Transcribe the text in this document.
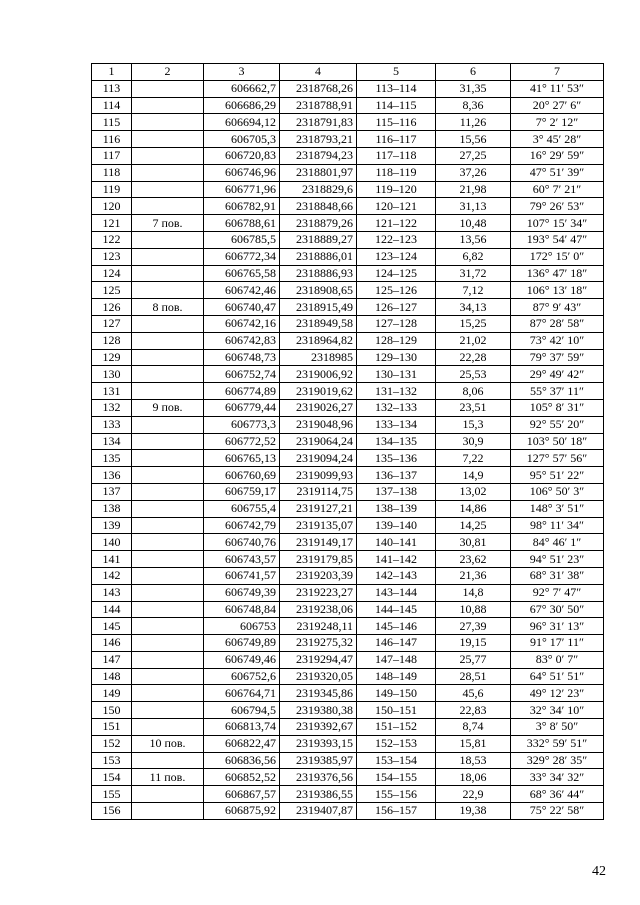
1	2	3	4	5	6	7
113		606662,7	2318768,26	113–114	31,35	41° 11′ 53″
114		606686,29	2318788,91	114–115	8,36	20° 27′ 6″
115		606694,12	2318791,83	115–116	11,26	7° 2′ 12″
116		606705,3	2318793,21	116–117	15,56	3° 45′ 28″
117		606720,83	2318794,23	117–118	27,25	16° 29′ 59″
118		606746,96	2318801,97	118–119	37,26	47° 51′ 39″
119		606771,96	2318829,6	119–120	21,98	60° 7′ 21″
120		606782,91	2318848,66	120–121	31,13	79° 26′ 53″
121	7 пов.	606788,61	2318879,26	121–122	10,48	107° 15′ 34″
122		606785,5	2318889,27	122–123	13,56	193° 54′ 47″
123		606772,34	2318886,01	123–124	6,82	172° 15′ 0″
124		606765,58	2318886,93	124–125	31,72	136° 47′ 18″
125		606742,46	2318908,65	125–126	7,12	106° 13′ 18″
126	8 пов.	606740,47	2318915,49	126–127	34,13	87° 9′ 43″
127		606742,16	2318949,58	127–128	15,25	87° 28′ 58″
128		606742,83	2318964,82	128–129	21,02	73° 42′ 10″
129		606748,73	2318985	129–130	22,28	79° 37′ 59″
130		606752,74	2319006,92	130–131	25,53	29° 49′ 42″
131		606774,89	2319019,62	131–132	8,06	55° 37′ 11″
132	9 пов.	606779,44	2319026,27	132–133	23,51	105° 8′ 31″
133		606773,3	2319048,96	133–134	15,3	92° 55′ 20″
134		606772,52	2319064,24	134–135	30,9	103° 50′ 18″
135		606765,13	2319094,24	135–136	7,22	127° 57′ 56″
136		606760,69	2319099,93	136–137	14,9	95° 51′ 22″
137		606759,17	2319114,75	137–138	13,02	106° 50′ 3″
138		606755,4	2319127,21	138–139	14,86	148° 3′ 51″
139		606742,79	2319135,07	139–140	14,25	98° 11′ 34″
140		606740,76	2319149,17	140–141	30,81	84° 46′ 1″
141		606743,57	2319179,85	141–142	23,62	94° 51′ 23″
142		606741,57	2319203,39	142–143	21,36	68° 31′ 38″
143		606749,39	2319223,27	143–144	14,8	92° 7′ 47″
144		606748,84	2319238,06	144–145	10,88	67° 30′ 50″
145		606753	2319248,11	145–146	27,39	96° 31′ 13″
146		606749,89	2319275,32	146–147	19,15	91° 17′ 11″
147		606749,46	2319294,47	147–148	25,77	83° 0′ 7″
148		606752,6	2319320,05	148–149	28,51	64° 51′ 51″
149		606764,71	2319345,86	149–150	45,6	49° 12′ 23″
150		606794,5	2319380,38	150–151	22,83	32° 34′ 10″
151		606813,74	2319392,67	151–152	8,74	3° 8′ 50″
152	10 пов.	606822,47	2319393,15	152–153	15,81	332° 59′ 51″
153		606836,56	2319385,97	153–154	18,53	329° 28′ 35″
154	11 пов.	606852,52	2319376,56	154–155	18,06	33° 34′ 32″
155		606867,57	2319386,55	155–156	22,9	68° 36′ 44″
156		606875,92	2319407,87	156–157	19,38	75° 22′ 58″
42
